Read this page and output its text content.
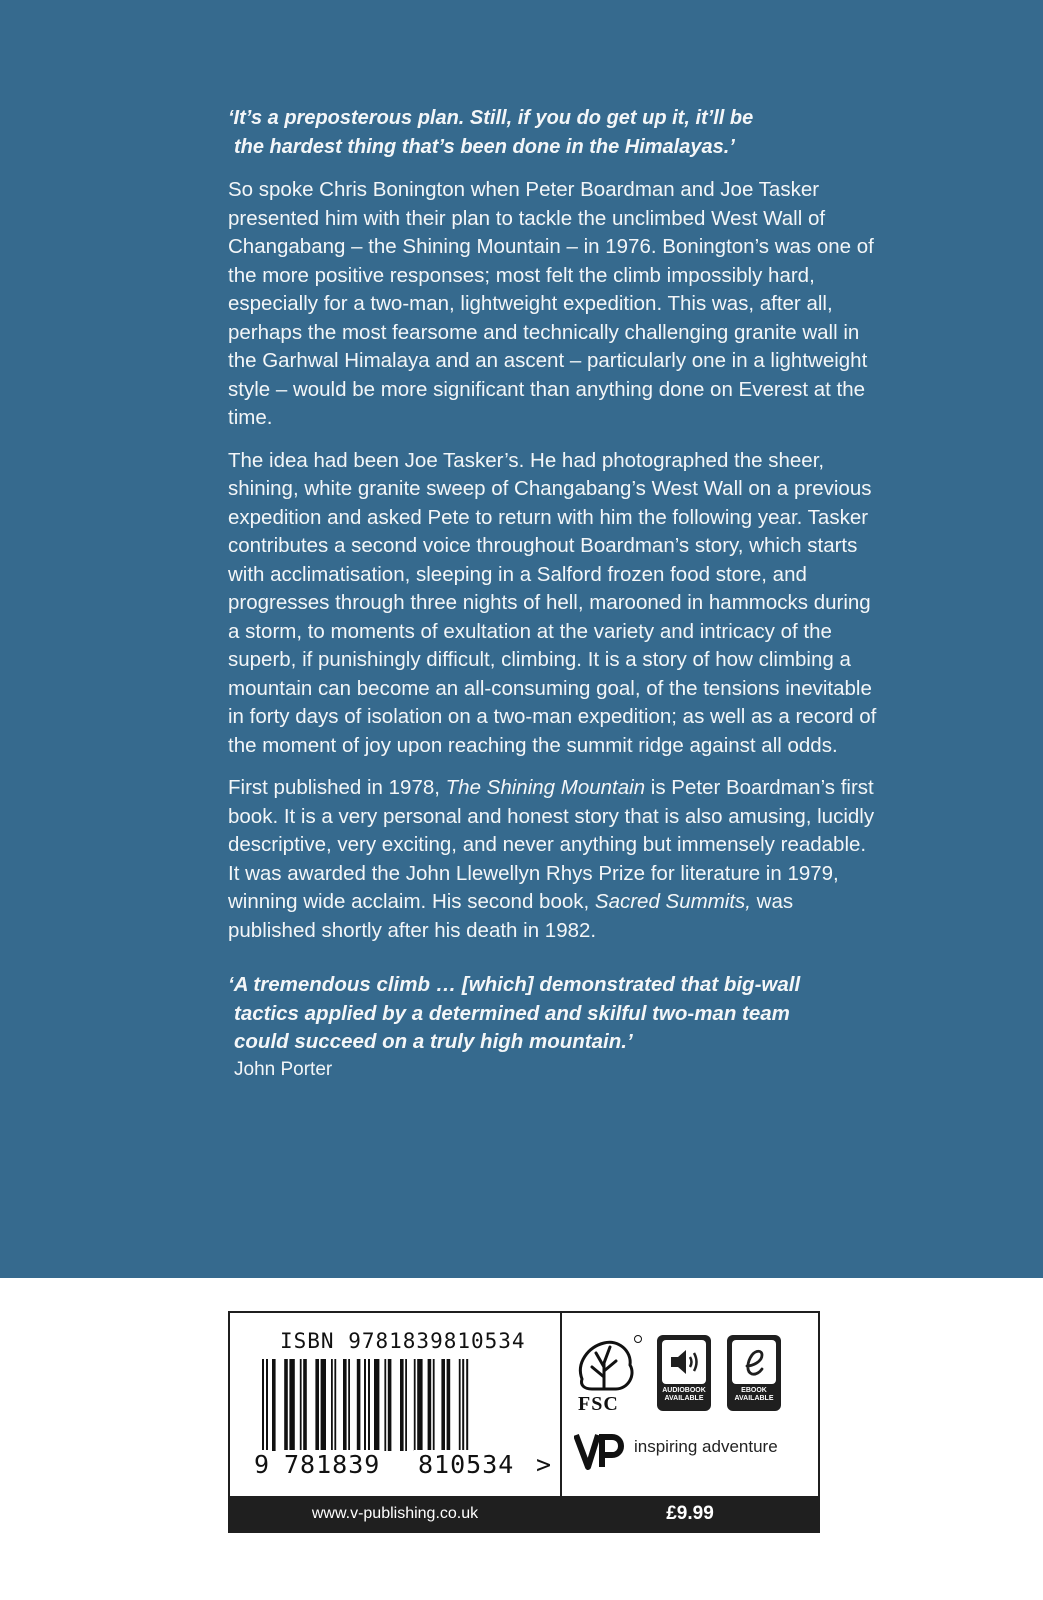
‘It’s a preposterous plan. Still, if you do get up it, it’ll be
the hardest thing that’s been done in the Himalayas.’

So spoke Chris Bonington when Peter Boardman and Joe Tasker presented him with their plan to tackle the unclimbed West Wall of Changabang – the Shining Mountain – in 1976. Bonington’s was one of the more positive responses; most felt the climb impossibly hard, especially for a two-man, lightweight expedition. This was, after all, perhaps the most fearsome and technically challenging granite wall in the Garhwal Himalaya and an ascent – particularly one in a lightweight style – would be more significant than anything done on Everest at the time.

The idea had been Joe Tasker’s. He had photographed the sheer, shining, white granite sweep of Changabang’s West Wall on a previous expedition and asked Pete to return with him the following year. Tasker contributes a second voice throughout Boardman’s story, which starts with acclimatisation, sleeping in a Salford frozen food store, and progresses through three nights of hell, marooned in hammocks during a storm, to moments of exultation at the variety and intricacy of the superb, if punishingly difficult, climbing. It is a story of how climbing a mountain can become an all-consuming goal, of the tensions inevitable in forty days of isolation on a two-man expedition; as well as a record of the moment of joy upon reaching the summit ridge against all odds.

First published in 1978, The Shining Mountain is Peter Boardman’s first book. It is a very personal and honest story that is also amusing, lucidly descriptive, very exciting, and never anything but immensely readable. It was awarded the John Llewellyn Rhys Prize for literature in 1979, winning wide acclaim. His second book, Sacred Summits, was published shortly after his death in 1982.

‘A tremendous climb … [which] demonstrated that big-wall
tactics applied by a determined and skilful two-man team
could succeed on a truly high mountain.’
John Porter
ISBN 9781839810534
9 781839 810534 >
FSC
AUDIOBOOK AVAILABLE
EBOOK AVAILABLE
inspiring adventure
www.v-publishing.co.uk	£9.99
